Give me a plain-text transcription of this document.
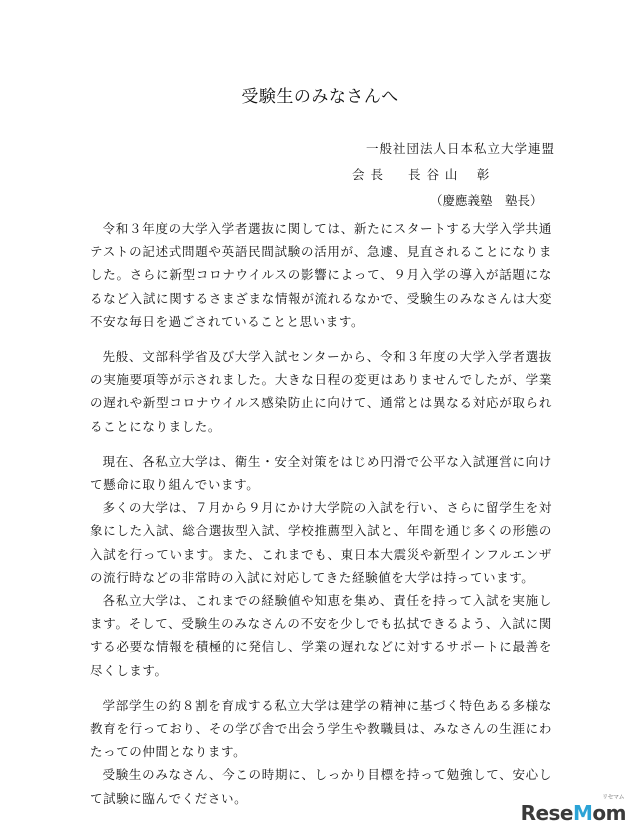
受験生のみなさんへ
一般社団法人日本私立大学連盟
会 長 長 谷 山　 彰
（慶應義塾　塾長）

令和３年度の大学入学者選抜に関しては、新たにスタートする大学入学共通テストの記述式問題や英語民間試験の活用が、急遽、見直されることになりました。さらに新型コロナウイルスの影響によって、９月入学の導入が話題になるなど入試に関するさまざまな情報が流れるなかで、受験生のみなさんは大変不安な毎日を過ごされていることと思います。

先般、文部科学省及び大学入試センターから、令和３年度の大学入学者選抜の実施要項等が示されました。大きな日程の変更はありませんでしたが、学業の遅れや新型コロナウイルス感染防止に向けて、通常とは異なる対応が取られることになりました。

現在、各私立大学は、衛生・安全対策をはじめ円滑で公平な入試運営に向けて懸命に取り組んでいます。

多くの大学は、７月から９月にかけ大学院の入試を行い、さらに留学生を対象にした入試、総合選抜型入試、学校推薦型入試と、年間を通じ多くの形態の入試を行っています。また、これまでも、東日本大震災や新型インフルエンザの流行時などの非常時の入試に対応してきた経験値を大学は持っています。

各私立大学は、これまでの経験値や知恵を集め、責任を持って入試を実施します。そして、受験生のみなさんの不安を少しでも払拭できるよう、入試に関する必要な情報を積極的に発信し、学業の遅れなどに対するサポートに最善を尽くします。

学部学生の約８割を育成する私立大学は建学の精神に基づく特色ある多様な教育を行っており、その学び舎で出会う学生や教職員は、みなさんの生涯にわたっての仲間となります。

受験生のみなさん、今この時期に、しっかり目標を持って勉強して、安心して試験に臨んでください。	リセマム
ReseMom
